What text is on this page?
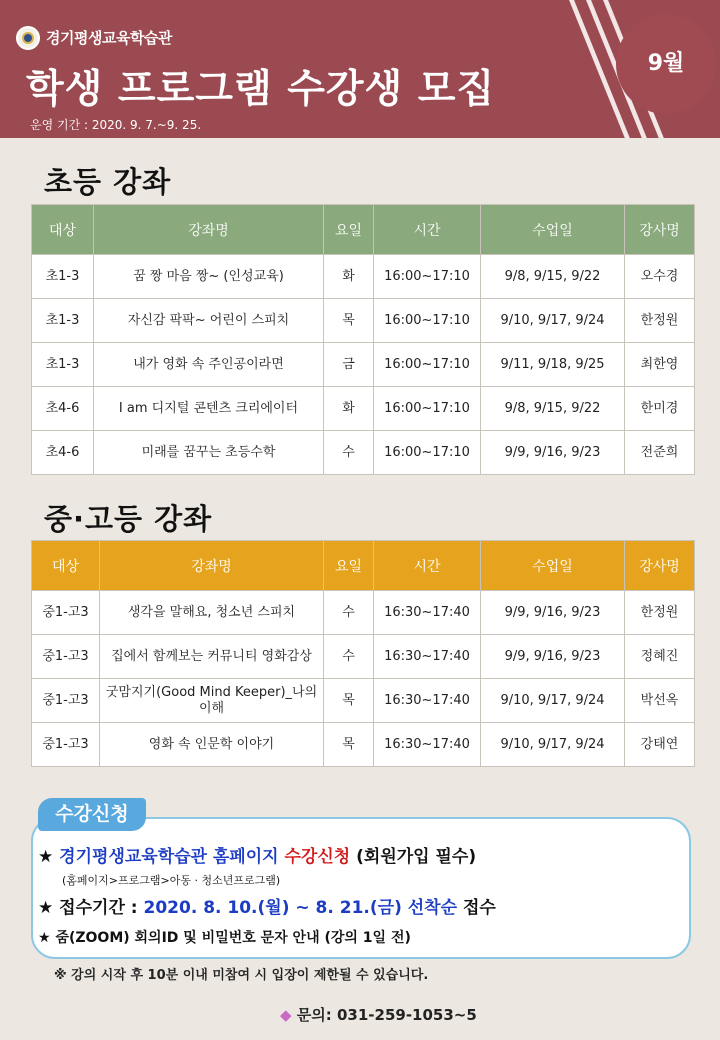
경기평생교육학습관
학생 프로그램 수강생 모집
운영 기간 : 2020. 9. 7.~9. 25.
9월
초등 강좌
대상	강좌명	요일	시간	수업일	강사명
초1-3	꿈 짱 마음 짱~ (인성교육)	화	16:00~17:10	9/8, 9/15, 9/22	오수경
초1-3	자신감 팍팍~ 어린이 스피치	목	16:00~17:10	9/10, 9/17, 9/24	한정원
초1-3	내가 영화 속 주인공이라면	금	16:00~17:10	9/11, 9/18, 9/25	최한영
초4-6	I am 디지털 콘텐츠 크리에이터	화	16:00~17:10	9/8, 9/15, 9/22	한미경
초4-6	미래를 꿈꾸는 초등수학	수	16:00~17:10	9/9, 9/16, 9/23	전준희
중·고등 강좌
대상	강좌명	요일	시간	수업일	강사명
중1-고3	생각을 말해요, 청소년 스피치	수	16:30~17:40	9/9, 9/16, 9/23	한정원
중1-고3	집에서 함께보는 커뮤니티 영화감상	수	16:30~17:40	9/9, 9/16, 9/23	정혜진
중1-고3	굿맘지기(Good Mind Keeper)_나의 이해	목	16:30~17:40	9/10, 9/17, 9/24	박선옥
중1-고3	영화 속 인문학 이야기	목	16:30~17:40	9/10, 9/17, 9/24	강태연
수강신청
★ 경기평생교육학습관 홈페이지 수강신청 (회원가입 필수)
(홈페이지>프로그램>아동 · 청소년프로그램)
★ 접수기간 : 2020. 8. 10.(월) ~ 8. 21.(금) 선착순 접수
★ 줌(ZOOM) 회의ID 및 비밀번호 문자 안내 (강의 1일 전)
※ 강의 시작 후 10분 이내 미참여 시 입장이 제한될 수 있습니다.
◆ 문의: 031-259-1053~5
